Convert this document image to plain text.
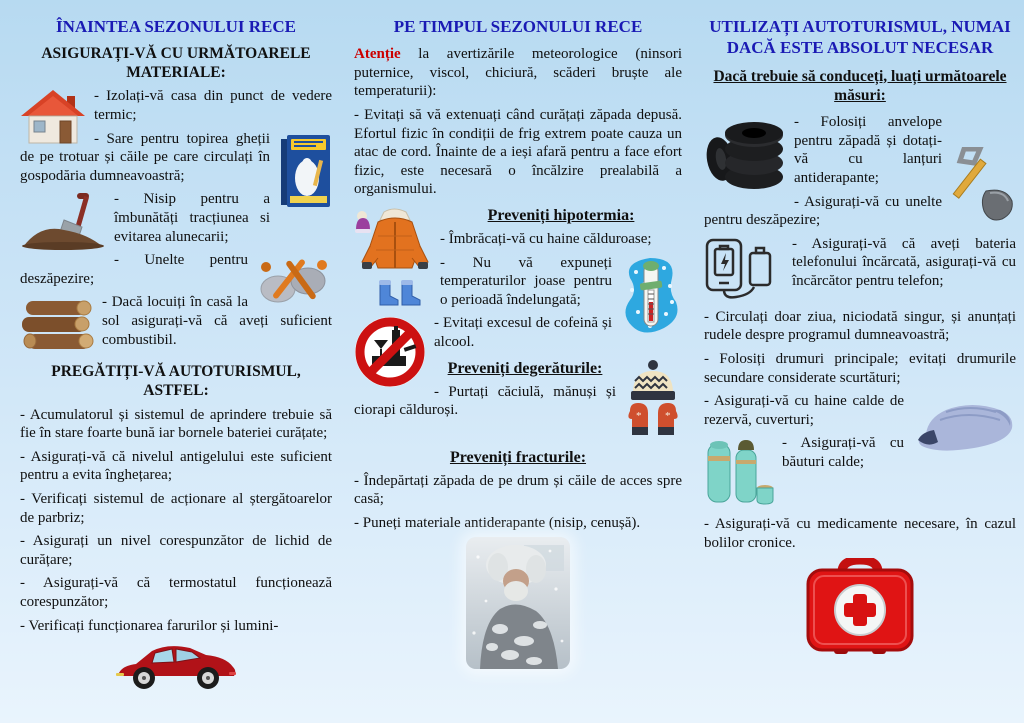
ÎNAINTEA SEZONULUI RECE
ASIGURAȚI-VĂ CU URMĂTOARELE MATERIALE:

- Izolați-vă casa din punct de vedere termic;

- Sare pentru topirea gheții de pe trotuar și căile pe care circulați în gospodăria dumneavoastră;

- Nisip pentru a îmbunătăți tracțiunea si evitarea alunecarii;

- Unelte pentru deszăpezire;

- Dacă locuiți în casă la sol asigurați-vă că aveți suficient combustibil.

PREGĂTIȚI-VĂ AUTOTURISMUL, ASTFEL:

- Acumulatorul și sistemul de aprindere trebuie să fie în stare foarte bună iar bornele bateriei curățate;

- Asigurați-vă că nivelul antigelului este suficient pentru a evita înghețarea;

- Verificați sistemul de acționare al ștergătoarelor de parbriz;

- Asigurați un nivel corespunzător de lichid de curățare;

- Asigurați-vă că termostatul funcționează corespunzător;

- Verificați funcționarea farurilor și lumini-

PE TIMPUL SEZONULUI RECE

Atenție la avertizările meteorologice (ninsori puternice, viscol, chiciură, scăderi bruște ale temperaturii):

- Evitați să vă extenuați când curățați zăpada depusă. Efortul fizic în condiții de frig extrem poate cauza un atac de cord. Înainte de a ieși afară pentru a face efort fizic, este necesară o încălzire prealabilă a organismului.

Preveniți hipotermia:

- Îmbrăcați-vă cu haine călduroase;

- Nu vă expuneți temperaturilor joase pentru o perioadă îndelungată;

- Evitați excesul de cofeină și alcool.

* *
Preveniți degerăturile:

- Purtați căciulă, mănuși și ciorapi călduroși.

Preveniți fracturile:

- Îndepărtați zăpada de pe drum și căile de acces spre casă;

- Puneți materiale antiderapante (nisip, cenușă).

UTILIZAȚI AUTOTURISMUL, NUMAI DACĂ ESTE ABSOLUT NECESAR
Dacă trebuie să conduceți, luați următoarele măsuri:

- Folosiți anvelope pentru zăpadă și dotați-vă cu lanțuri antiderapante;

- Asigurați-vă cu unelte pentru deszăpezire;

- Asigurați-vă că aveți bateria telefonului încărcată, asigurați-vă cu încărcător pentru telefon;

- Circulați doar ziua, niciodată singur, și anunțați rudele despre programul dumneavoastră;

- Folosiți drumuri principale; evitați drumurile secundare considerate scurtături;

- Asigurați-vă cu haine calde de rezervă, cuverturi;

- Asigurați-vă cu băuturi calde;

- Asigurați-vă cu medicamente necesare, în cazul bolilor cronice.
